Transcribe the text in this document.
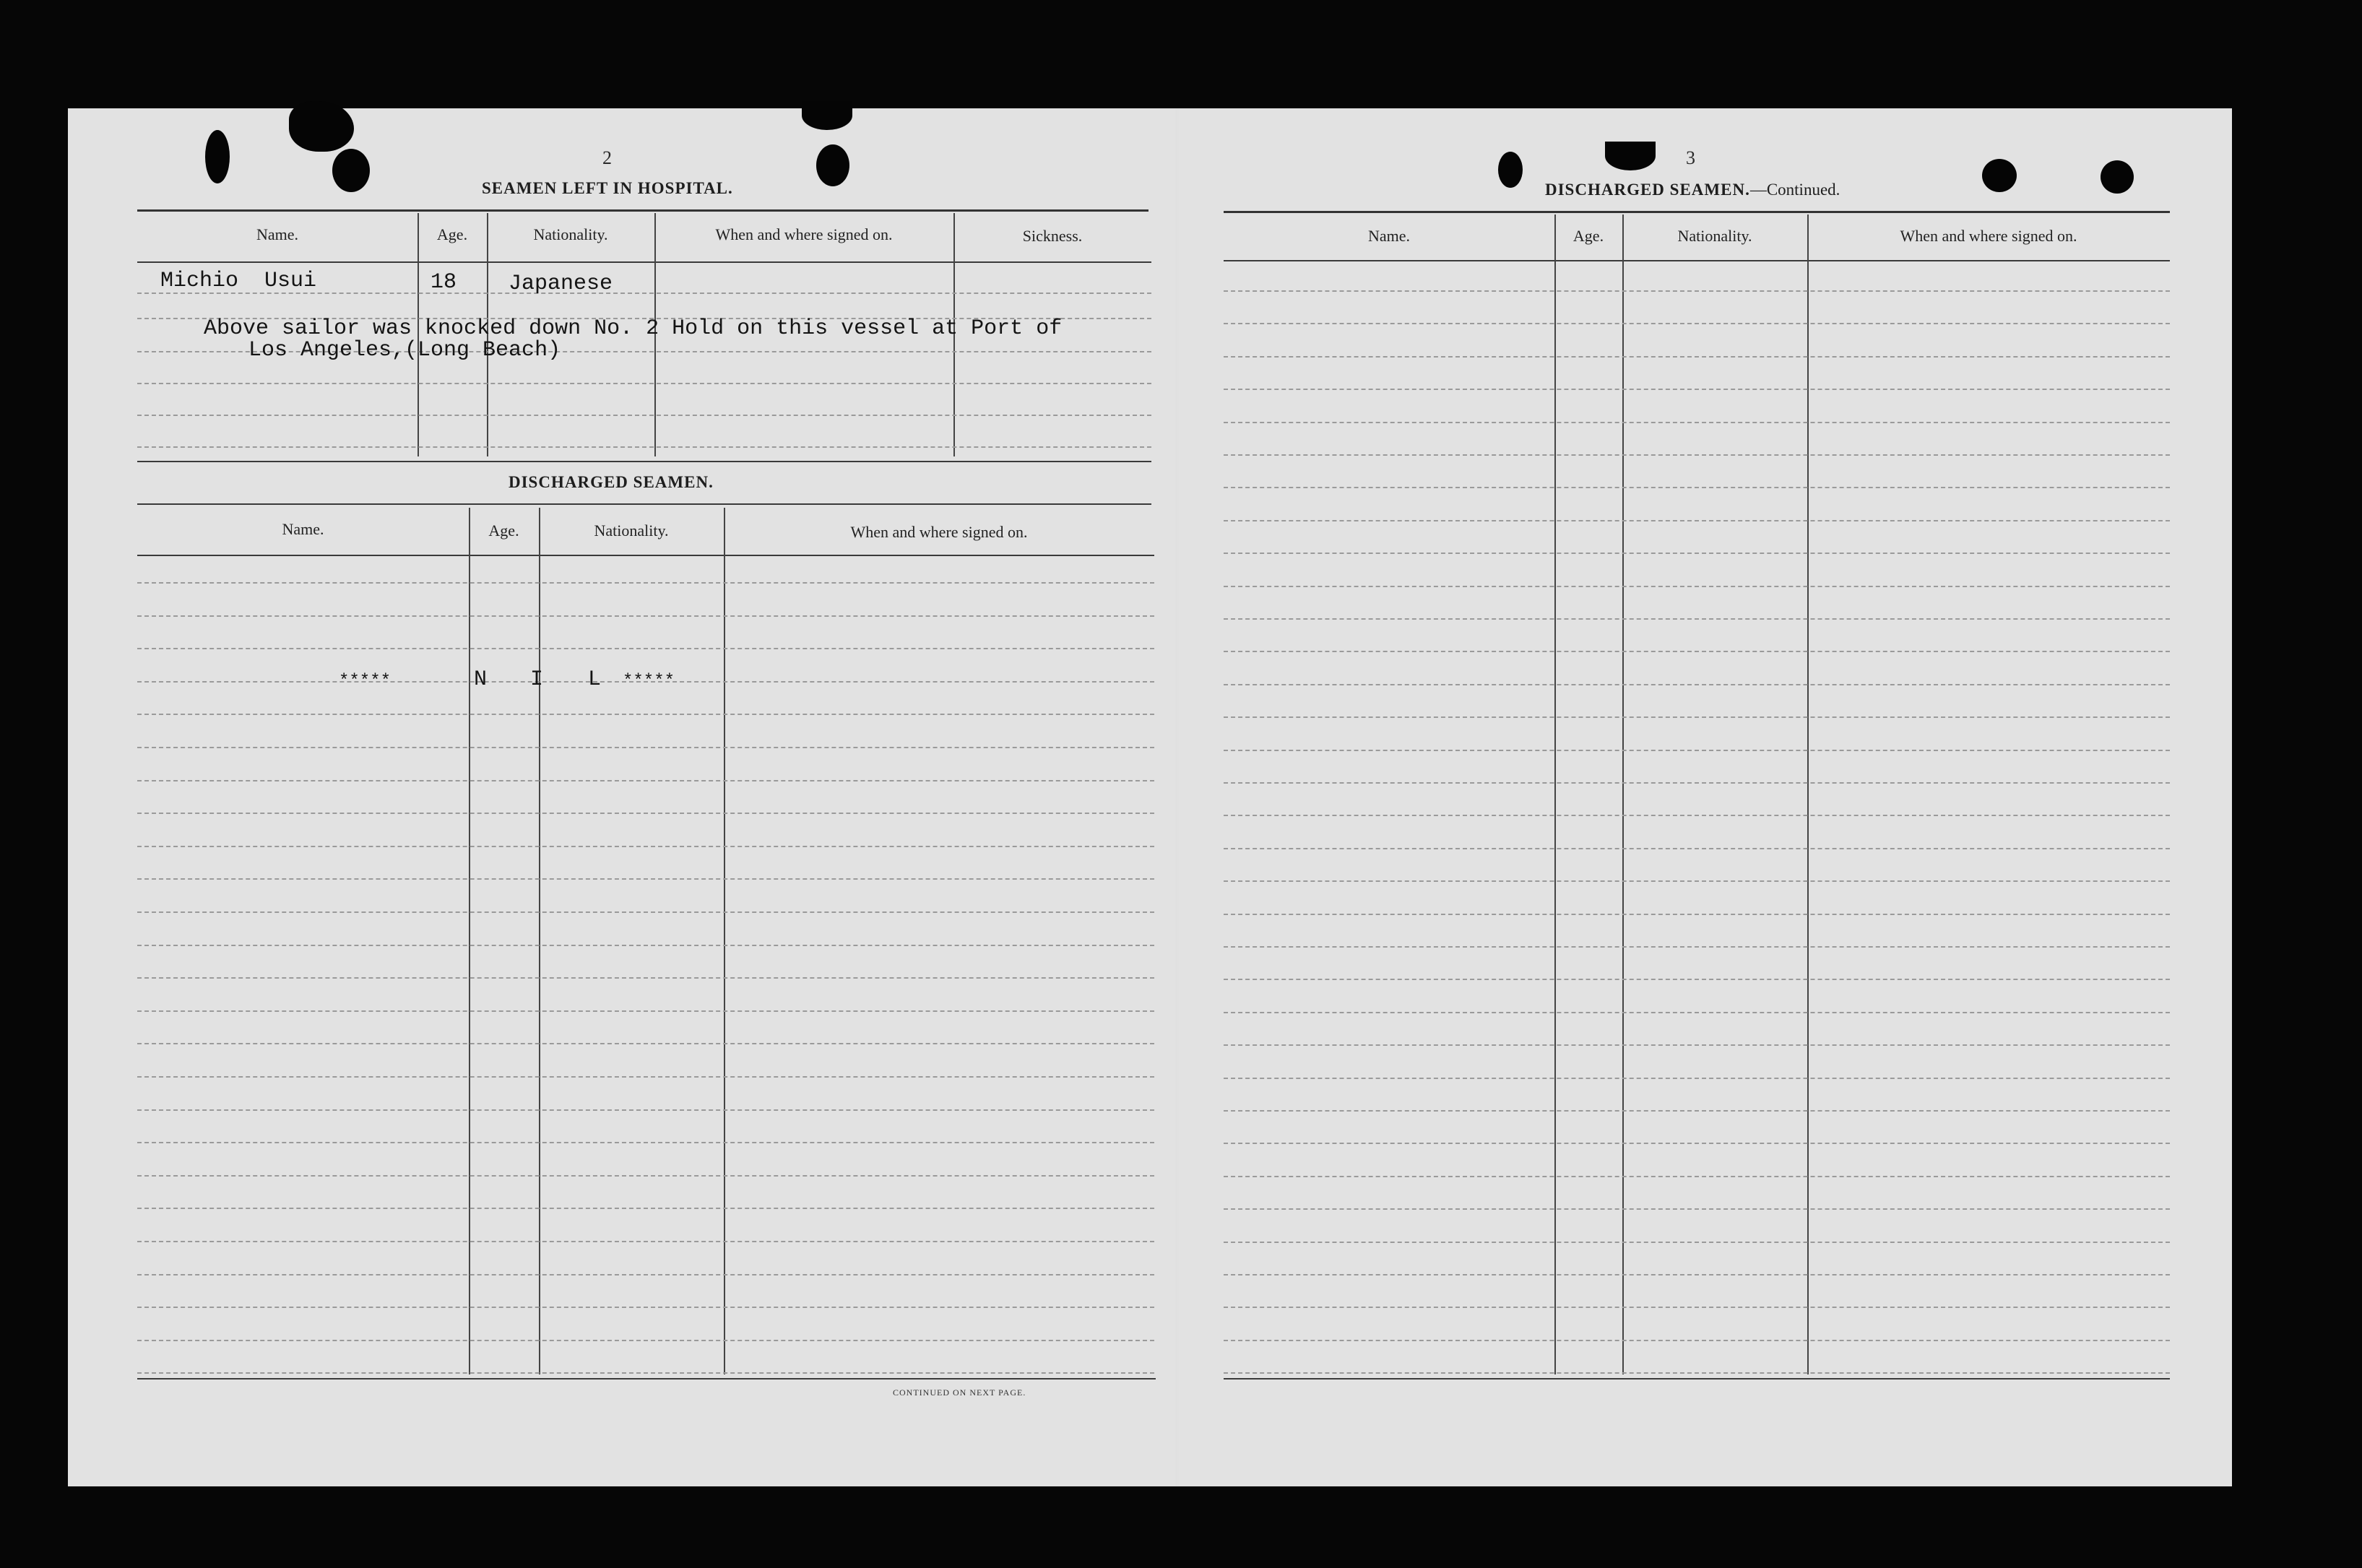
2
SEAMEN LEFT IN HOSPITAL.
Name.	Age.	Nationality.	When and where signed on.	Sickness.
Michio  Usui	18 Japanese
Above sailor was knocked down No. 2 Hold on this vessel at Port of
Los Angeles,(Long Beach)
DISCHARGED SEAMEN.
Name.	Age.	Nationality.	When and where signed on.
*****	N I L *****
CONTINUED ON NEXT PAGE.
3
DISCHARGED SEAMEN.—Continued.
Name.	Age.	Nationality.	When and where signed on.
